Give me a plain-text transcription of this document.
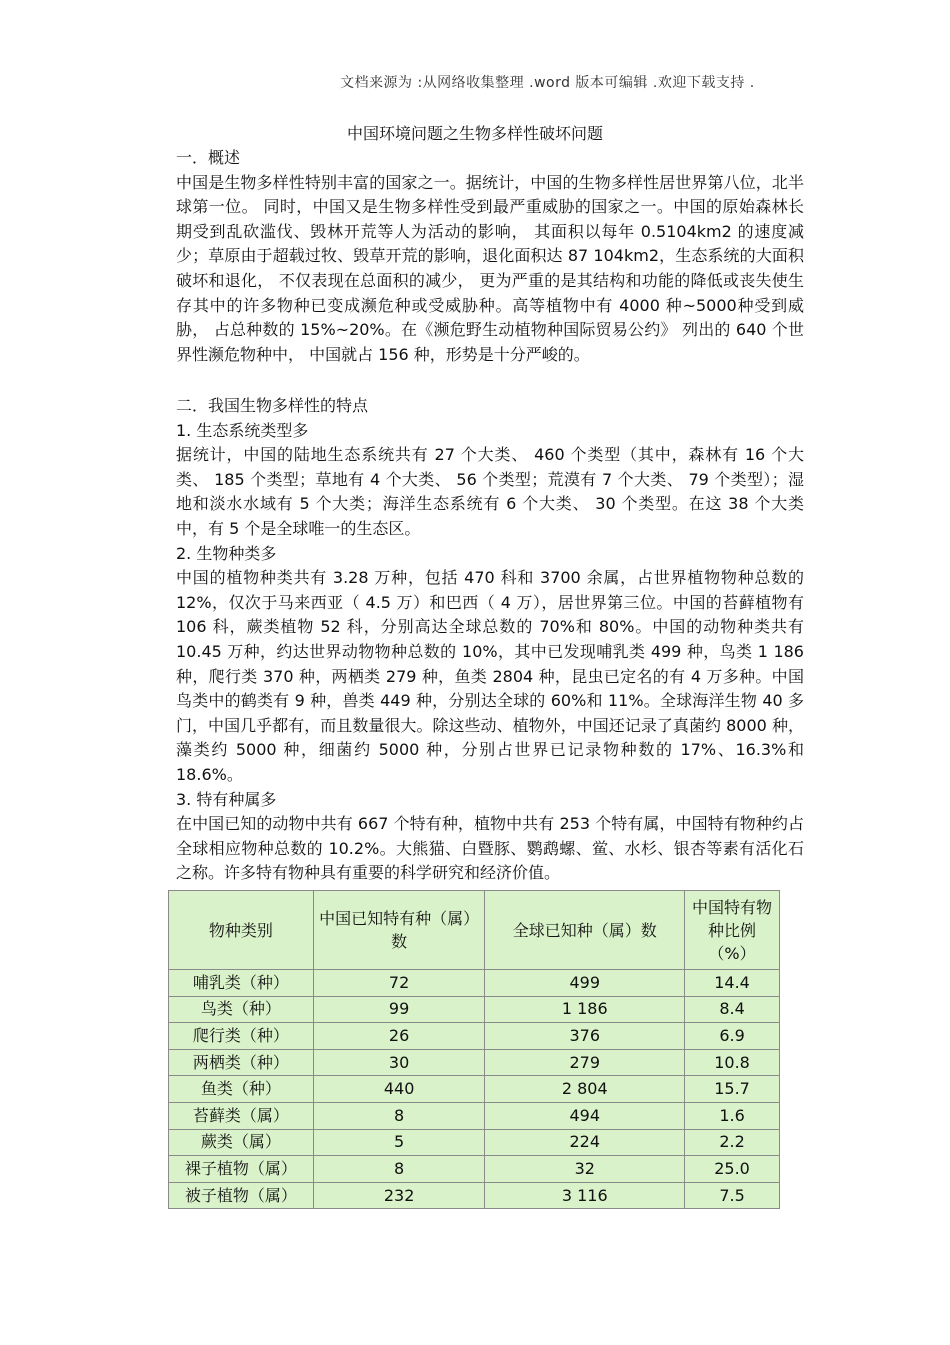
文档来源为 :从网络收集整理 .word 版本可编辑 .欢迎下载支持 .
中国环境问题之生物多样性破坏问题

一．概述

中国是生物多样性特别丰富的国家之一。据统计，中国的生物多样性居世界第八位，北半球第一位。 同时，中国又是生物多样性受到最严重威胁的国家之一。中国的原始森林长期受到乱砍滥伐、毁林开荒等人为活动的影响， 其面积以每年 0.5104km2 的速度减少；草原由于超载过牧、毁草开荒的影响，退化面积达 87 104km2，生态系统的大面积破坏和退化， 不仅表现在总面积的减少， 更为严重的是其结构和功能的降低或丧失使生存其中的许多物种已变成濒危种或受威胁种。高等植物中有 4000 种~5000种受到威胁， 占总种数的 15%~20%。在《濒危野生动植物种国际贸易公约》 列出的 640 个世界性濒危物种中， 中国就占 156 种，形势是十分严峻的。

二．我国生物多样性的特点

1. 生态系统类型多

据统计，中国的陆地生态系统共有 27 个大类、 460 个类型（其中，森林有 16 个大类、 185 个类型；草地有 4 个大类、 56 个类型；荒漠有 7 个大类、 79 个类型）；湿地和淡水水域有 5 个大类；海洋生态系统有 6 个大类、 30 个类型。在这 38 个大类中，有 5 个是全球唯一的生态区。

2. 生物种类多

中国的植物种类共有 3.28 万种，包括 470 科和 3700 余属，占世界植物物种总数的 12%，仅次于马来西亚（ 4.5 万）和巴西（ 4 万），居世界第三位。中国的苔藓植物有 106 科，蕨类植物 52 科，分别高达全球总数的 70%和 80%。中国的动物种类共有 10.45 万种，约达世界动物物种总数的 10%，其中已发现哺乳类 499 种，鸟类 1 186 种，爬行类 370 种，两栖类 279 种，鱼类 2804 种，昆虫已定名的有 4 万多种。中国鸟类中的鹤类有 9 种，兽类 449 种，分别达全球的 60%和 11%。全球海洋生物 40 多门，中国几乎都有，而且数量很大。除这些动、植物外，中国还记录了真菌约 8000 种，藻类约 5000 种，细菌约 5000 种，分别占世界已记录物种数的 17%、16.3%和 18.6%。

3. 特有种属多

在中国已知的动物中共有 667 个特有种，植物中共有 253 个特有属，中国特有物种约占全球相应物种总数的 10.2%。大熊猫、白暨豚、鹦鹉螺、鲎、水杉、银杏等素有活化石之称。许多特有物种具有重要的科学研究和经济价值。

物种类别	中国已知特有种（属）数	全球已知种（属）数	中国特有物种比例（%）
哺乳类（种）	72	499	14.4
鸟类（种）	99	1 186	8.4
爬行类（种）	26	376	6.9
两栖类（种）	30	279	10.8
鱼类（种）	440	2 804	15.7
苔藓类（属）	8	494	1.6
蕨类（属）	5	224	2.2
裸子植物（属）	8	32	25.0
被子植物（属）	232	3 116	7.5
